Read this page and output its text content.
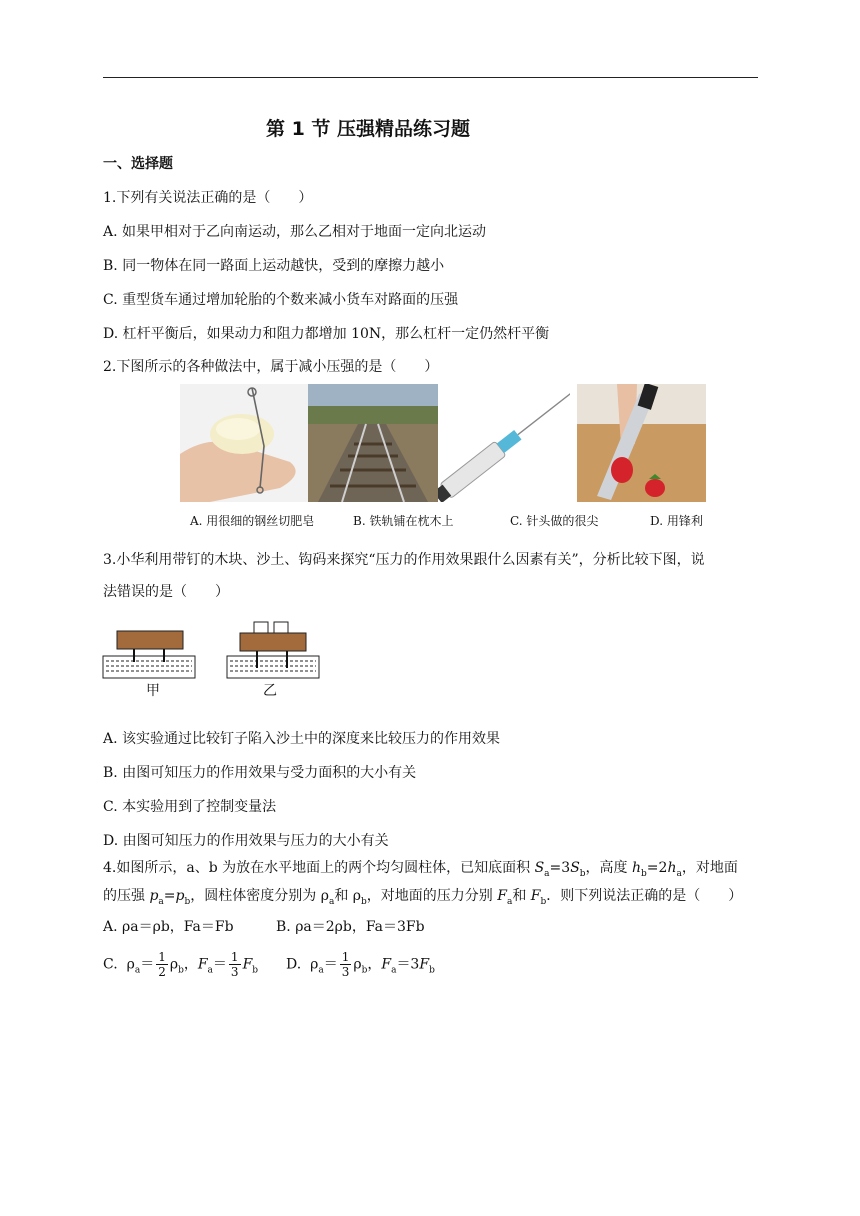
第 1 节 压强精品练习题
一、选择题
1.下列有关说法正确的是（　　）
A. 如果甲相对于乙向南运动，那么乙相对于地面一定向北运动
B. 同一物体在同一路面上运动越快，受到的摩擦力越小
C. 重型货车通过增加轮胎的个数来减小货车对路面的压强
D. 杠杆平衡后，如果动力和阻力都增加 10N，那么杠杆一定仍然杆平衡
2.下图所示的各种做法中，属于减小压强的是（　　）
A. 用很细的钢丝切肥皂	B. 铁轨铺在枕木上	C. 针头做的很尖	D. 用锋利
3.小华利用带钉的木块、沙土、钩码来探究“压力的作用效果跟什么因素有关”，分析比较下图，说
法错误的是（　　）
甲	乙
A. 该实验通过比较钉子陷入沙土中的深度来比较压力的作用效果
B. 由图可知压力的作用效果与受力面积的大小有关
C. 本实验用到了控制变量法
D. 由图可知压力的作用效果与压力的大小有关
4.如图所示，a、b 为放在水平地面上的两个均匀圆柱体，已知底面积 $S_a=3S_b$，高度 $h_b=2h_a$，对地面
的压强 $p_a=p_b$，圆柱体密度分别为 $\rho_a$和 $\rho_b$，对地面的压力分别 $F_a$和 $F_b$．则下列说法正确的是（　　）
A. ρa＝ρb，Fa＝Fb	B. ρa＝2ρb，Fa＝3Fb
C.  $\rho_a= \frac{1}{2} \rho_b$，$F_a= \frac{1}{3} F_b$ D.  $\rho_a= \frac{1}{3} \rho_b$，$F_a=3F_b$
